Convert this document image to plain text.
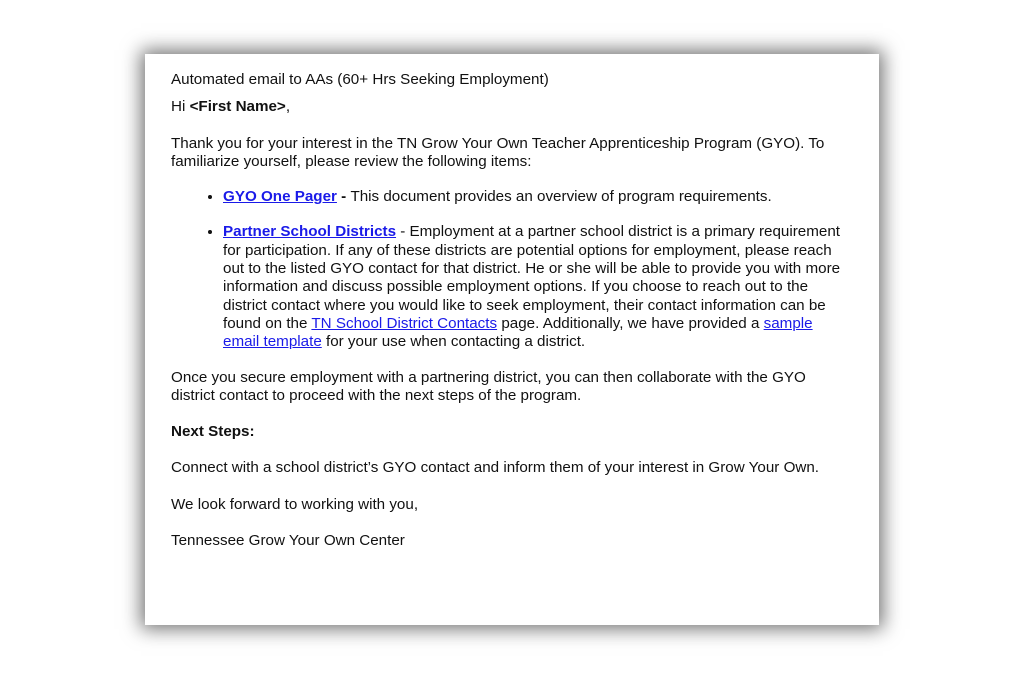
Automated email to AAs (60+ Hrs Seeking Employment)

Hi <First Name>,

Thank you for your interest in the TN Grow Your Own Teacher Apprenticeship Program (GYO). To familiarize yourself, please review the following items:

• GYO One Pager - This document provides an overview of program requirements.
• Partner School Districts - Employment at a partner school district is a primary requirement for participation. If any of these districts are potential options for employment, please reach out to the listed GYO contact for that district. He or she will be able to provide you with more information and discuss possible employment options. If you choose to reach out to the district contact where you would like to seek employment, their contact information can be found on the TN School District Contacts page. Additionally, we have provided a sample email template for your use when contacting a district.

Once you secure employment with a partnering district, you can then collaborate with the GYO district contact to proceed with the next steps of the program.

Next Steps:

Connect with a school district’s GYO contact and inform them of your interest in Grow Your Own.

We look forward to working with you,

Tennessee Grow Your Own Center
